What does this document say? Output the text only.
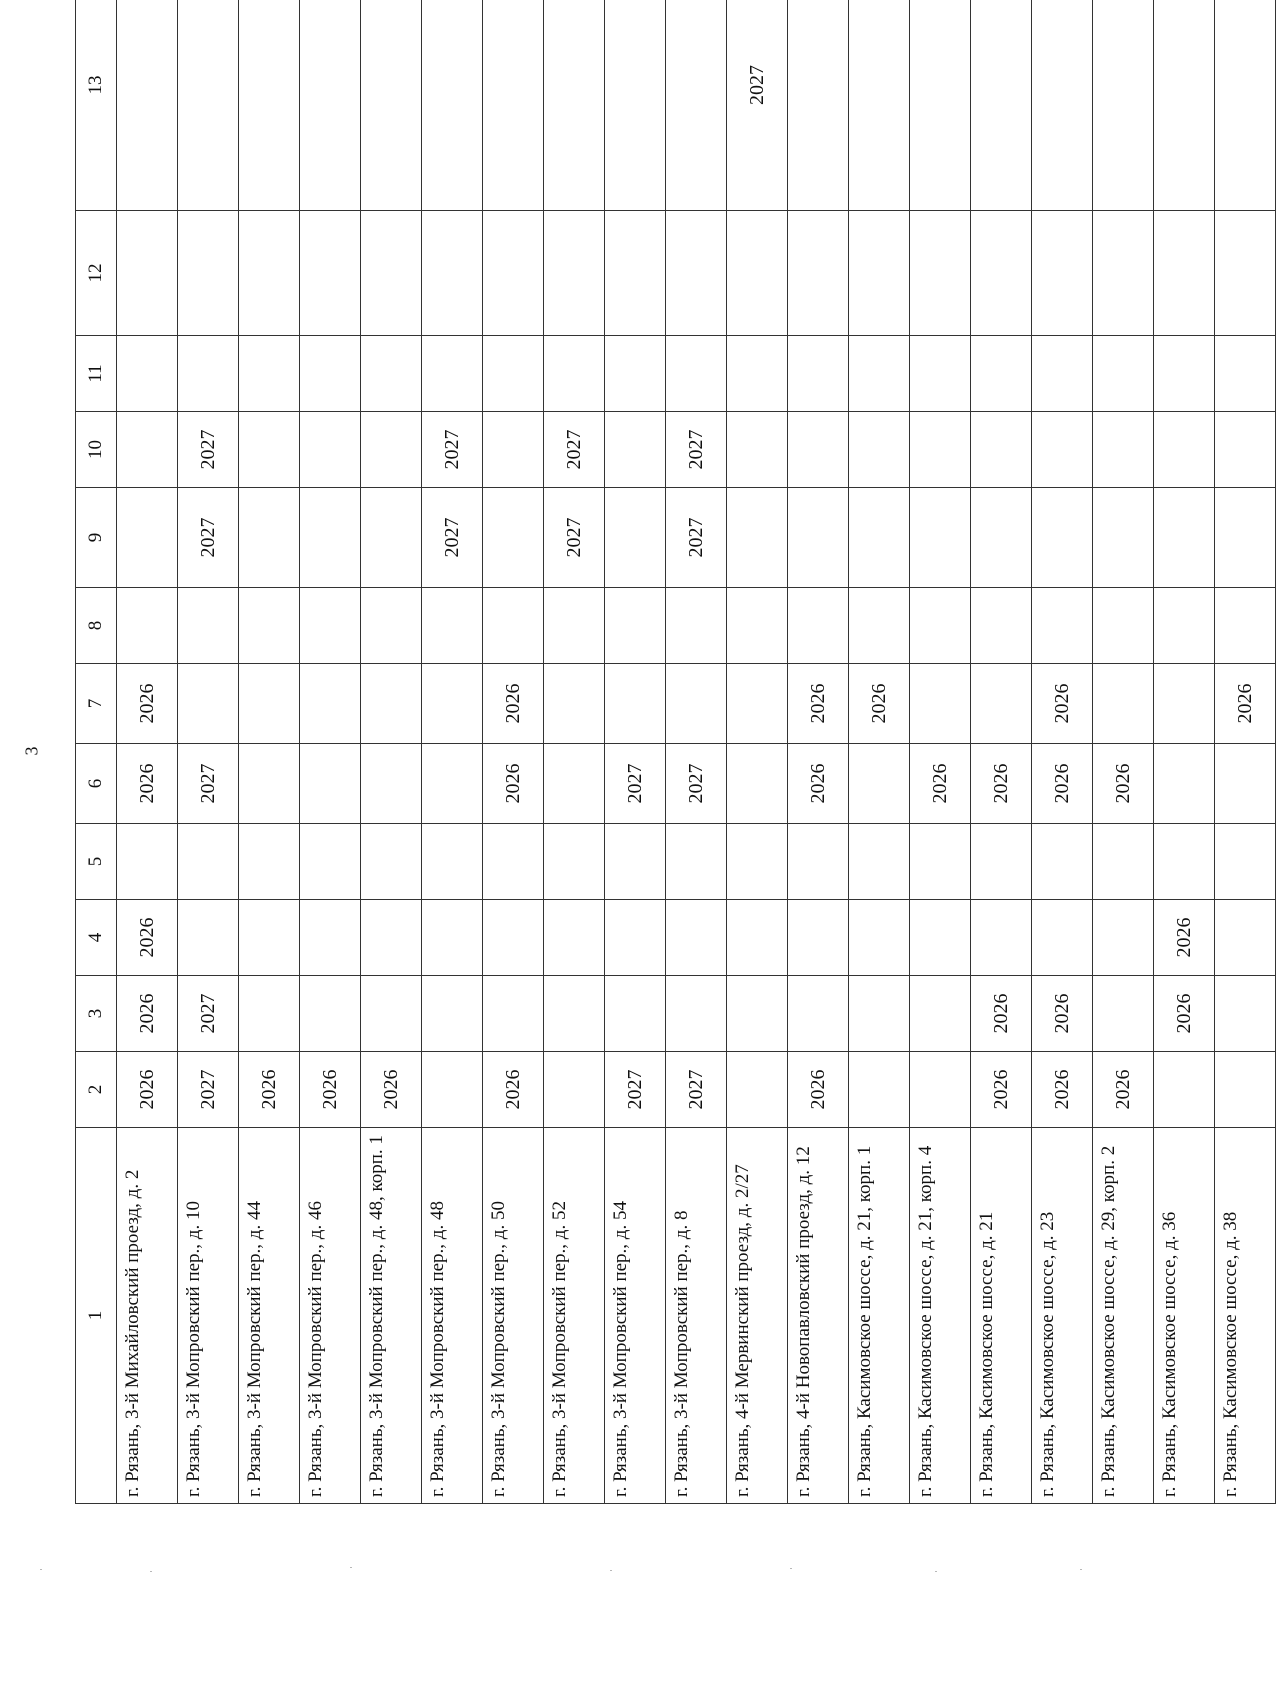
3
1	2	3	4	5	6	7	8	9	10	11	12	13
г. Рязань, 3-й Михайловский проезд, д. 2	2026	2026	2026		2026	2026						
г. Рязань, 3-й Мопровский пер., д. 10	2027	2027			2027			2027	2027			
г. Рязань, 3-й Мопровский пер., д. 44	2026											
г. Рязань, 3-й Мопровский пер., д. 46	2026											
г. Рязань, 3-й Мопровский пер., д. 48, корп. 1	2026											
г. Рязань, 3-й Мопровский пер., д. 48								2027	2027			
г. Рязань, 3-й Мопровский пер., д. 50	2026				2026	2026						
г. Рязань, 3-й Мопровский пер., д. 52								2027	2027			
г. Рязань, 3-й Мопровский пер., д. 54	2027				2027							
г. Рязань, 3-й Мопровский пер., д. 8	2027				2027			2027	2027			
г. Рязань, 4-й Мервинский проезд, д. 2/27												2027
г. Рязань, 4-й Новопавловский проезд, д. 12	2026				2026	2026						
г. Рязань, Касимовское шоссе, д. 21, корп. 1						2026						
г. Рязань, Касимовское шоссе, д. 21, корп. 4					2026							
г. Рязань, Касимовское шоссе, д. 21	2026	2026			2026							
г. Рязань, Касимовское шоссе, д. 23	2026	2026			2026	2026						
г. Рязань, Касимовское шоссе, д. 29, корп. 2	2026				2026							
г. Рязань, Касимовское шоссе, д. 36		2026	2026									
г. Рязань, Касимовское шоссе, д. 38						2026						
